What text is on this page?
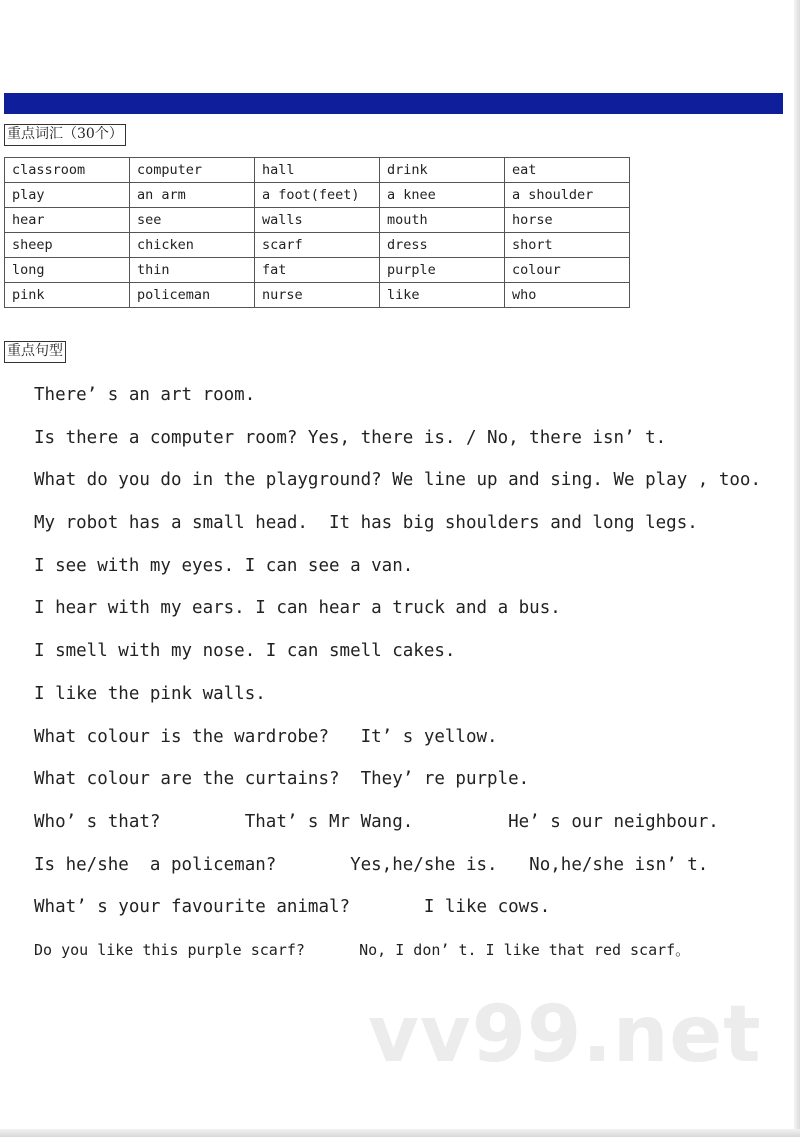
重点词汇（30个）
classroom	computer	hall	drink	eat
play	an arm	a foot(feet)	a knee	a shoulder
hear	see	walls	mouth	horse
sheep	chicken	scarf	dress	short
long	thin	fat	purple	colour
pink	policeman	nurse	like	who
重点句型
There’ s an art room.
Is there a computer room? Yes, there is. / No, there isn’ t.
What do you do in the playground? We line up and sing. We play , too.
My robot has a small head.  It has big shoulders and long legs.
I see with my eyes. I can see a van.
I hear with my ears. I can hear a truck and a bus.
I smell with my nose. I can smell cakes.
I like the pink walls.
What colour is the wardrobe?   It’ s yellow.
What colour are the curtains?  They’ re purple.
Who’ s that?        That’ s Mr Wang.         He’ s our neighbour.
Is he/she  a policeman?       Yes,he/she is.   No,he/she isn’ t.
What’ s your favourite animal?       I like cows.
Do you like this purple scarf?      No, I don’ t. I like that red scarf。
vv99.net
